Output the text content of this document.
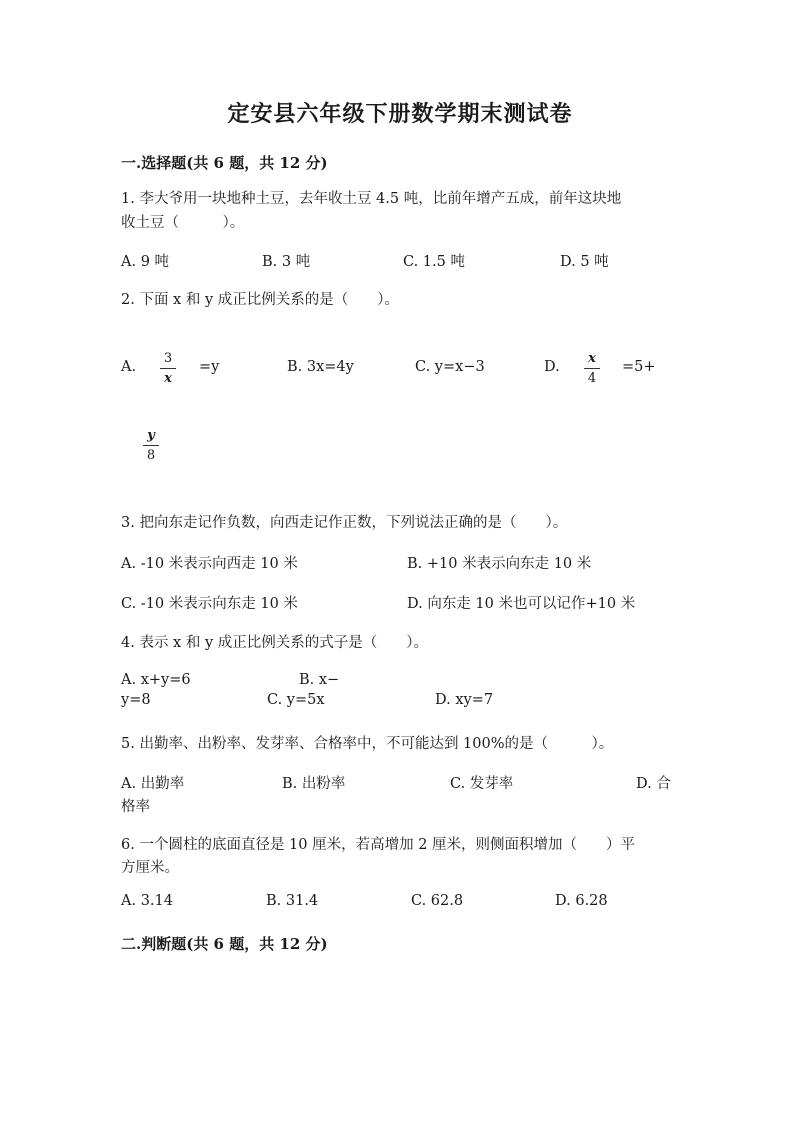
定安县六年级下册数学期末测试卷
一.选择题(共 6 题，共 12 分)
1. 李大爷用一块地种土豆，去年收土豆 4.5 吨，比前年增产五成，前年这块地
收土豆（　　　）。
A. 9 吨	B. 3 吨	C. 1.5 吨	D. 5 吨
2. 下面 x 和 y 成正比例关系的是（　　）。
A.
3
x
=y	B. 3x=4y	C. y=x−3	D.
x
4
=5+
y
8
3. 把向东走记作负数，向西走记作正数，下列说法正确的是（　　）。
A. -10 米表示向西走 10 米	B. +10 米表示向东走 10 米
C. -10 米表示向东走 10 米	D. 向东走 10 米也可以记作+10 米
4. 表示 x 和 y 成正比例关系的式子是（　　）。
A. x+y=6	B. x−
y=8	C. y=5x	D. xy=7
5. 出勤率、出粉率、发芽率、合格率中，不可能达到 100%的是（　　　）。
A. 出勤率	B. 出粉率	C. 发芽率	D. 合
格率
6. 一个圆柱的底面直径是 10 厘米，若高增加 2 厘米，则侧面积增加（　　）平
方厘米。
A. 3.14	B. 31.4	C. 62.8	D. 6.28
二.判断题(共 6 题，共 12 分)
